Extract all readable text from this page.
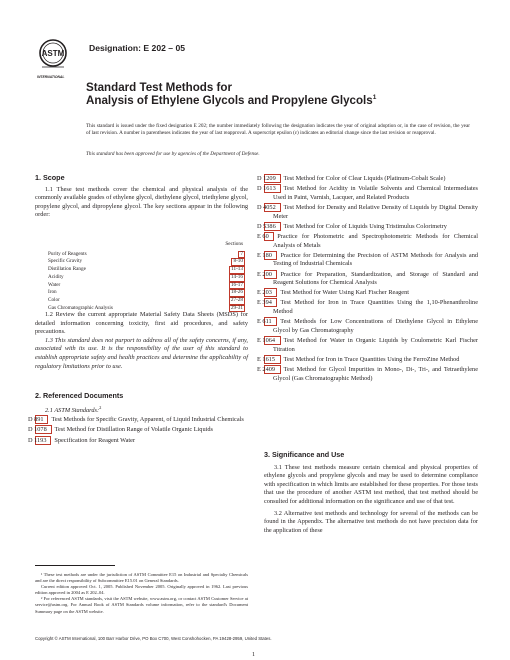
ASTM
INTERNATIONAL
Designation: E 202 – 05
Standard Test Methods for
Analysis of Ethylene Glycols and Propylene Glycols$^1$
This standard is issued under the fixed designation E 202; the number immediately following the designation indicates the year of original adoption or, in the case of revision, the year of last revision. A number in parentheses indicates the year of last reapproval. A superscript epsilon (ε) indicates an editorial change since the last revision or reapproval.
This standard has been approved for use by agencies of the Department of Defense.

1. Scope

1.1 These test methods cover the chemical and physical analysis of the commonly available grades of ethylene glycol, diethylene glycol, triethylene glycol, propylene glycol, and dipropylene glycol. The key sections appear in the following order:

Sections
Purity of Reagents	7
Specific Gravity	8-10
Distillation Range	11-13
Acidity	14-16
Water	16-17
Iron	18-26
Color	27-28
Gas Chromatographic Analysis	29-31

1.2 Review the current appropriate Material Safety Data Sheets (MSDS) for detailed information concerning toxicity, first aid procedures, and safety precautions.

1.3 This standard does not purport to address all of the safety concerns, if any, associated with its use. It is the responsibility of the user of this standard to establish appropriate safety and health practices and determine the applicability of regulatory limitations prior to use.

2. Referenced Documents

2.1 ASTM Standards:$^2$

D 891 Test Methods for Specific Gravity, Apparent, of Liquid Industrial Chemicals

D 1078 Test Method for Distillation Range of Volatile Organic Liquids

D 1193 Specification for Reagent Water

¹ These test methods are under the jurisdiction of ASTM Committee E15 on Industrial and Specialty Chemicals and are the direct responsibility of Subcommittee E15.01 on General Standards.

Current edition approved Oct. 1, 2005. Published November 2005. Originally approved in 1962. Last previous edition approved in 2004 as E 202–04.

² For referenced ASTM standards, visit the ASTM website, www.astm.org, or contact ASTM Customer Service at service@astm.org. For Annual Book of ASTM Standards volume information, refer to the standard's Document Summary page on the ASTM website.

D 1209 Test Method for Color of Clear Liquids (Platinum-Cobalt Scale)

D 1613 Test Method for Acidity in Volatile Solvents and Chemical Intermediates Used in Paint, Varnish, Lacquer, and Related Products

D 4052 Test Method for Density and Relative Density of Liquids by Digital Density Meter

D 5386 Test Method for Color of Liquids Using Tristimulus Colorimetry

E 60 Practice for Photometric and Spectrophotometric Methods for Chemical Analysis of Metals

E 180 Practice for Determining the Precision of ASTM Methods for Analysis and Testing of Industrial Chemicals

E 200 Practice for Preparation, Standardization, and Storage of Standard and Reagent Solutions for Chemical Analysis

E 203 Test Method for Water Using Karl Fischer Reagent

E 394 Test Method for Iron in Trace Quantities Using the 1,10-Phenanthroline Method

E 611 Test Methods for Low Concentrations of Diethylene Glycol in Ethylene Glycol by Gas Chromatography

E 1064 Test Method for Water in Organic Liquids by Coulometric Karl Fischer Titration

E 1615 Test Method for Iron in Trace Quantities Using the FerroZine Method

E 2409 Test Method for Glycol Impurities in Mono-, Di-, Tri-, and Tetraethylene Glycol (Gas Chromatographic Method)

3. Significance and Use

3.1 These test methods measure certain chemical and physical properties of ethylene glycols and propylene glycols and may be used to determine compliance with specification in which limits are established for these properties. For those tests that use the procedure of another ASTM test method, that test method should be consulted for additional information on the significance and use of that test.

3.2 Alternative test methods and technology for several of the methods can be found in the Appendix. The alternative test methods do not have precision data for the application of these

Copyright © ASTM International, 100 Barr Harbor Drive, PO Box C700, West Conshohocken, PA 19428-2959, United States.
1
